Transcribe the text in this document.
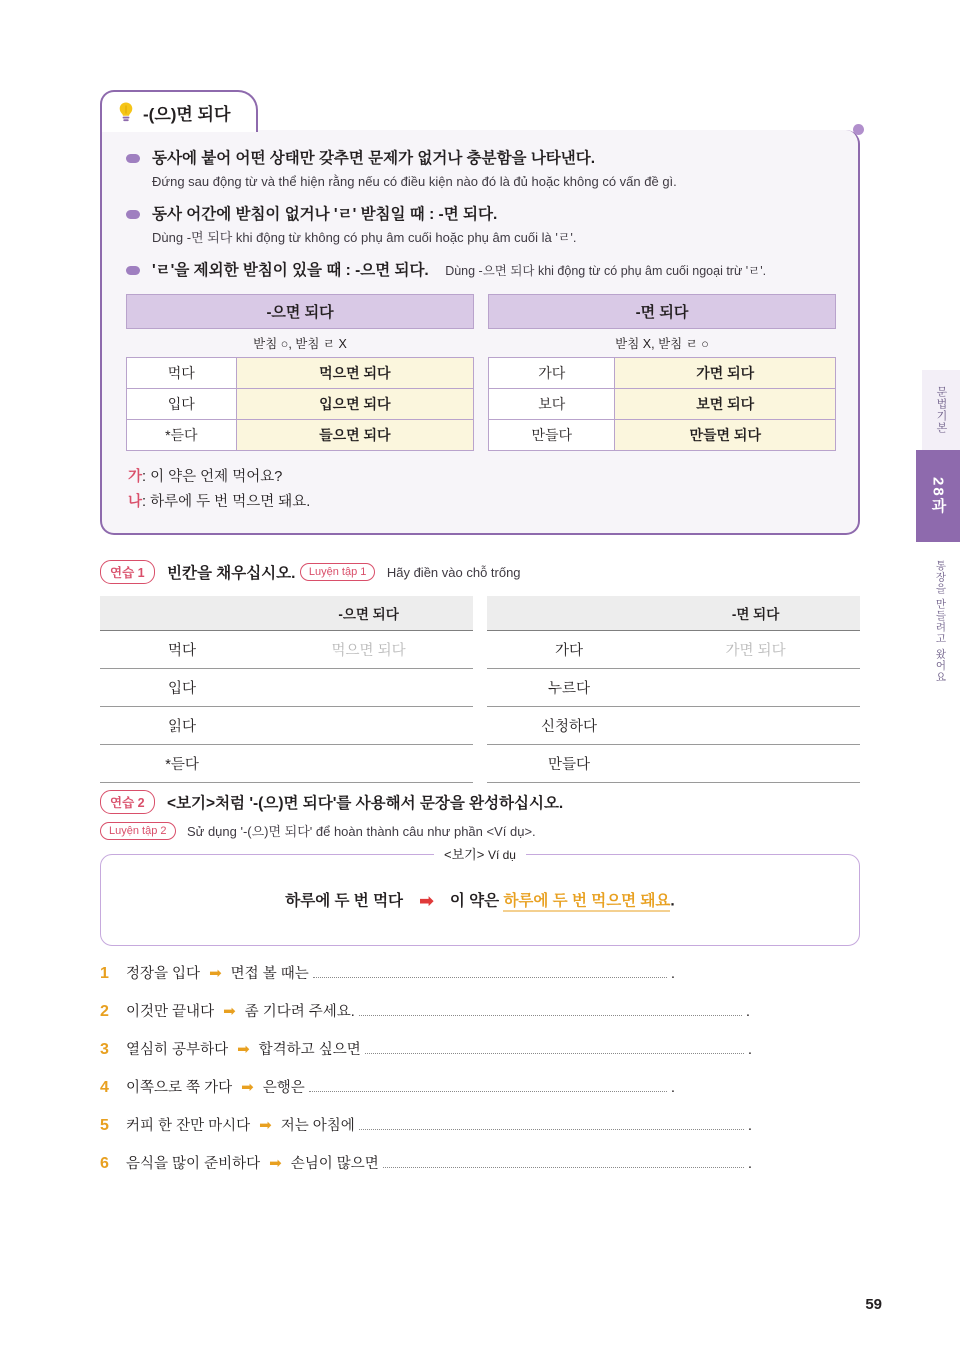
문법기본
28과
통장을 만들려고 왔어요
-(으)면 되다
동사에 붙어 어떤 상태만 갖추면 문제가 없거나 충분함을 나타낸다.
Đứng sau động từ và thể hiện rằng nếu có điều kiện nào đó là đủ hoặc không có vấn đề gì.
동사 어간에 받침이 없거나 'ㄹ' 받침일 때 : -면 되다.
Dùng -면 되다 khi động từ không có phụ âm cuối hoặc phụ âm cuối là 'ㄹ'.
'ㄹ'을 제외한 받침이 있을 때 : -으면 되다. Dùng -으면 되다 khi động từ có phụ âm cuối ngoại trừ 'ㄹ'.
-으면 되다	
받침 ○, 받침 ㄹ X	
먹다	먹으면 되다
입다	입으면 되다
*듣다	들으면 되다
-면 되다	
받침 X, 받침 ㄹ ○	
가다	가면 되다
보다	보면 되다
만들다	만들면 되다

가: 이 약은 언제 먹어요?

나: 하루에 두 번 먹으면 돼요.

연습 1 빈칸을 채우십시오. Luyện tập 1 Hãy điền vào chỗ trống
	-으면 되다
먹다	먹으면 되다
입다	
읽다	
*듣다	
	-면 되다
가다	가면 되다
누르다	
신청하다	
만들다	
연습 2 <보기>처럼 '-(으)면 되다'를 사용해서 문장을 완성하십시오.
Luyện tập 2 Sử dụng '-(으)면 되다' để hoàn thành câu như phần <Ví dụ>.
<보기> Ví dụ
하루에 두 번 먹다 ➡ 이 약은 하루에 두 번 먹으면 돼요.
1	정장을 입다 ➡ 면접 볼 때는	.
2	이것만 끝내다 ➡ 좀 기다려 주세요.	.
3	열심히 공부하다 ➡ 합격하고 싶으면	.
4	이쪽으로 쭉 가다 ➡ 은행은	.
5	커피 한 잔만 마시다 ➡ 저는 아침에	.
6	음식을 많이 준비하다 ➡ 손님이 많으면	.
59
